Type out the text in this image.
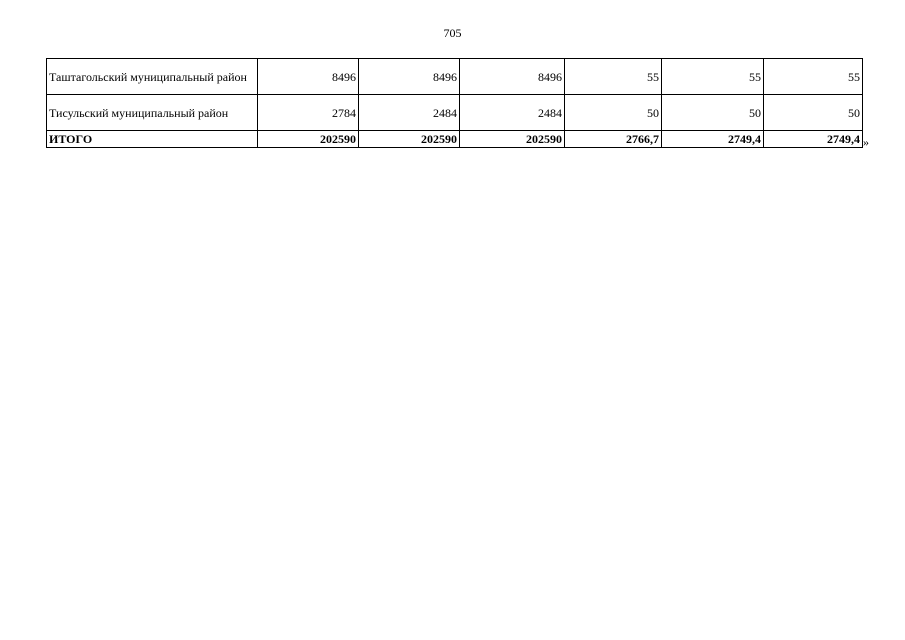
705
Таштагольский муниципальный район	8496	8496	8496	55	55	55
Тисульский муниципальный район	2784	2484	2484	50	50	50
ИТОГО	202590	202590	202590	2766,7	2749,4	2749,4 »
